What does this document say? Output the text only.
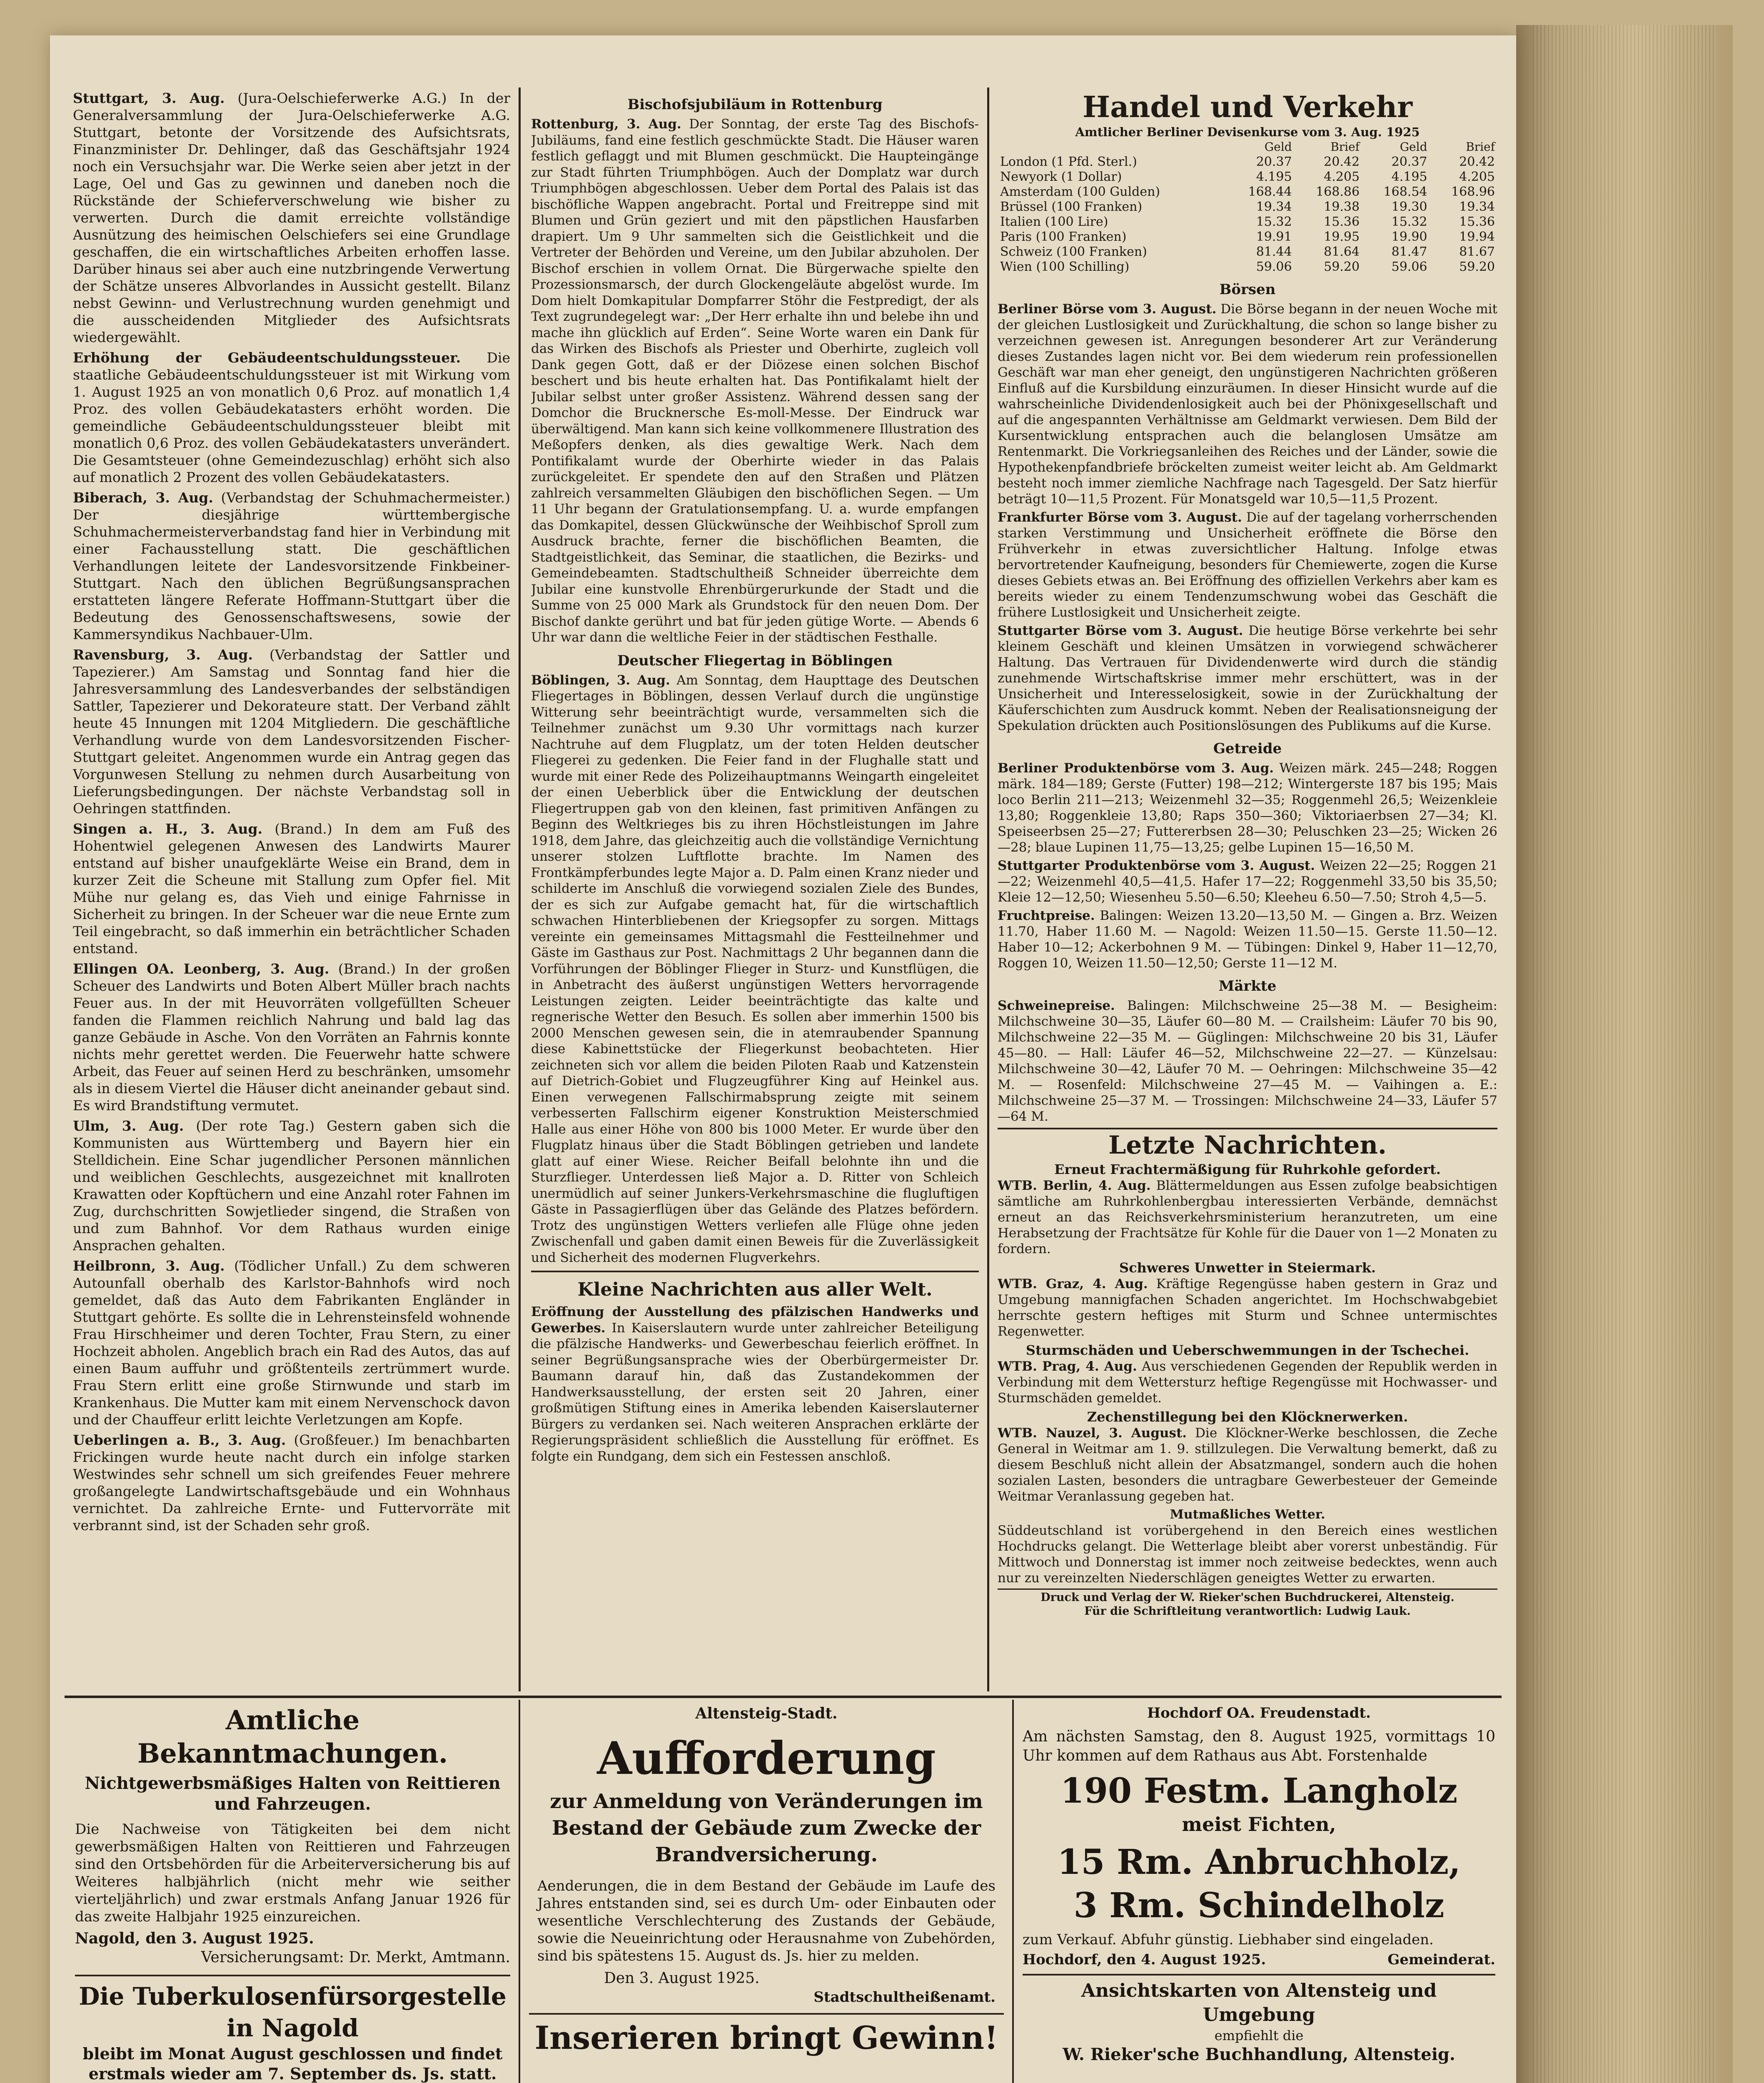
Stuttgart, 3. Aug. (Jura-Oelschieferwerke A.G.) In der Generalversammlung der Jura-Oelschieferwerke A.G. Stuttgart, betonte der Vorsitzende des Aufsichtsrats, Finanzminister Dr. Dehlinger, daß das Geschäftsjahr 1924 noch ein Versuchsjahr war. Die Werke seien aber jetzt in der Lage, Oel und Gas zu gewinnen und daneben noch die Rückstände der Schieferverschwelung wie bisher zu verwerten. Durch die damit erreichte vollständige Ausnützung des heimischen Oelschiefers sei eine Grundlage geschaffen, die ein wirtschaftliches Arbeiten erhoffen lasse. Darüber hinaus sei aber auch eine nutzbringende Verwertung der Schätze unseres Albvorlandes in Aussicht gestellt. Bilanz nebst Gewinn- und Verlustrechnung wurden genehmigt und die ausscheidenden Mitglieder des Aufsichtsrats wiedergewählt.

Erhöhung der Gebäudeentschuldungssteuer. Die staatliche Gebäudeentschuldungssteuer ist mit Wirkung vom 1. August 1925 an von monatlich 0,6 Proz. auf monatlich 1,4 Proz. des vollen Gebäudekatasters erhöht worden. Die gemeindliche Gebäudeentschuldungssteuer bleibt mit monatlich 0,6 Proz. des vollen Gebäudekatasters unverändert. Die Gesamtsteuer (ohne Gemeindezuschlag) erhöht sich also auf monatlich 2 Prozent des vollen Gebäudekatasters.

Biberach, 3. Aug. (Verbandstag der Schuhmachermeister.) Der diesjährige württembergische Schuhmachermeisterverbandstag fand hier in Verbindung mit einer Fachausstellung statt. Die geschäftlichen Verhandlungen leitete der Landesvorsitzende Finkbeiner-Stuttgart. Nach den üblichen Begrüßungsansprachen erstatteten längere Referate Hoffmann-Stuttgart über die Bedeutung des Genossenschaftswesens, sowie der Kammersyndikus Nachbauer-Ulm.

Ravensburg, 3. Aug. (Verbandstag der Sattler und Tapezierer.) Am Samstag und Sonntag fand hier die Jahresversammlung des Landesverbandes der selbständigen Sattler, Tapezierer und Dekorateure statt. Der Verband zählt heute 45 Innungen mit 1204 Mitgliedern. Die geschäftliche Verhandlung wurde von dem Landesvorsitzenden Fischer-Stuttgart geleitet. Angenommen wurde ein Antrag gegen das Vorgunwesen Stellung zu nehmen durch Ausarbeitung von Lieferungsbedingungen. Der nächste Verbandstag soll in Oehringen stattfinden.

Singen a. H., 3. Aug. (Brand.) In dem am Fuß des Hohentwiel gelegenen Anwesen des Landwirts Maurer entstand auf bisher unaufgeklärte Weise ein Brand, dem in kurzer Zeit die Scheune mit Stallung zum Opfer fiel. Mit Mühe nur gelang es, das Vieh und einige Fahrnisse in Sicherheit zu bringen. In der Scheuer war die neue Ernte zum Teil eingebracht, so daß immerhin ein beträchtlicher Schaden entstand.

Ellingen OA. Leonberg, 3. Aug. (Brand.) In der großen Scheuer des Landwirts und Boten Albert Müller brach nachts Feuer aus. In der mit Heuvorräten vollgefüllten Scheuer fanden die Flammen reichlich Nahrung und bald lag das ganze Gebäude in Asche. Von den Vorräten an Fahrnis konnte nichts mehr gerettet werden. Die Feuerwehr hatte schwere Arbeit, das Feuer auf seinen Herd zu beschränken, umsomehr als in diesem Viertel die Häuser dicht aneinander gebaut sind. Es wird Brandstiftung vermutet.

Ulm, 3. Aug. (Der rote Tag.) Gestern gaben sich die Kommunisten aus Württemberg und Bayern hier ein Stelldichein. Eine Schar jugendlicher Personen männlichen und weiblichen Geschlechts, ausgezeichnet mit knallroten Krawatten oder Kopftüchern und eine Anzahl roter Fahnen im Zug, durchschritten Sowjetlieder singend, die Straßen von und zum Bahnhof. Vor dem Rathaus wurden einige Ansprachen gehalten.

Heilbronn, 3. Aug. (Tödlicher Unfall.) Zu dem schweren Autounfall oberhalb des Karlstor-Bahnhofs wird noch gemeldet, daß das Auto dem Fabrikanten Engländer in Stuttgart gehörte. Es sollte die in Lehrensteinsfeld wohnende Frau Hirschheimer und deren Tochter, Frau Stern, zu einer Hochzeit abholen. Angeblich brach ein Rad des Autos, das auf einen Baum auffuhr und größtenteils zertrümmert wurde. Frau Stern erlitt eine große Stirnwunde und starb im Krankenhaus. Die Mutter kam mit einem Nervenschock davon und der Chauffeur erlitt leichte Verletzungen am Kopfe.

Ueberlingen a. B., 3. Aug. (Großfeuer.) Im benachbarten Frickingen wurde heute nacht durch ein infolge starken Westwindes sehr schnell um sich greifendes Feuer mehrere großangelegte Landwirtschaftsgebäude und ein Wohnhaus vernichtet. Da zahlreiche Ernte- und Futtervorräte mit verbrannt sind, ist der Schaden sehr groß.

Bischofsjubiläum in Rottenburg

Rottenburg, 3. Aug. Der Sonntag, der erste Tag des Bischofs-Jubiläums, fand eine festlich geschmückte Stadt. Die Häuser waren festlich geflaggt und mit Blumen geschmückt. Die Haupteingänge zur Stadt führten Triumphbögen. Auch der Domplatz war durch Triumphbögen abgeschlossen. Ueber dem Portal des Palais ist das bischöfliche Wappen angebracht. Portal und Freitreppe sind mit Blumen und Grün geziert und mit den päpstlichen Hausfarben drapiert. Um 9 Uhr sammelten sich die Geistlichkeit und die Vertreter der Behörden und Vereine, um den Jubilar abzuholen. Der Bischof erschien in vollem Ornat. Die Bürgerwache spielte den Prozessionsmarsch, der durch Glockengeläute abgelöst wurde. Im Dom hielt Domkapitular Dompfarrer Stöhr die Festpredigt, der als Text zugrundegelegt war: „Der Herr erhalte ihn und belebe ihn und mache ihn glücklich auf Erden“. Seine Worte waren ein Dank für das Wirken des Bischofs als Priester und Oberhirte, zugleich voll Dank gegen Gott, daß er der Diözese einen solchen Bischof beschert und bis heute erhalten hat. Das Pontifikalamt hielt der Jubilar selbst unter großer Assistenz. Während dessen sang der Domchor die Brucknersche Es-moll-Messe. Der Eindruck war überwältigend. Man kann sich keine vollkommenere Illustration des Meßopfers denken, als dies gewaltige Werk. Nach dem Pontifikalamt wurde der Oberhirte wieder in das Palais zurückgeleitet. Er spendete den auf den Straßen und Plätzen zahlreich versammelten Gläubigen den bischöflichen Segen. — Um 11 Uhr begann der Gratulationsempfang. U. a. wurde empfangen das Domkapitel, dessen Glückwünsche der Weihbischof Sproll zum Ausdruck brachte, ferner die bischöflichen Beamten, die Stadtgeistlichkeit, das Seminar, die staatlichen, die Bezirks- und Gemeindebeamten. Stadtschultheiß Schneider überreichte dem Jubilar eine kunstvolle Ehrenbürgerurkunde der Stadt und die Summe von 25 000 Mark als Grundstock für den neuen Dom. Der Bischof dankte gerührt und bat für jeden gütige Worte. — Abends 6 Uhr war dann die weltliche Feier in der städtischen Festhalle.

Deutscher Fliegertag in Böblingen

Böblingen, 3. Aug. Am Sonntag, dem Haupttage des Deutschen Fliegertages in Böblingen, dessen Verlauf durch die ungünstige Witterung sehr beeinträchtigt wurde, versammelten sich die Teilnehmer zunächst um 9.30 Uhr vormittags nach kurzer Nachtruhe auf dem Flugplatz, um der toten Helden deutscher Fliegerei zu gedenken. Die Feier fand in der Flughalle statt und wurde mit einer Rede des Polizeihauptmanns Weingarth eingeleitet der einen Ueberblick über die Entwicklung der deutschen Fliegertruppen gab von den kleinen, fast primitiven Anfängen zu Beginn des Weltkrieges bis zu ihren Höchstleistungen im Jahre 1918, dem Jahre, das gleichzeitig auch die vollständige Vernichtung unserer stolzen Luftflotte brachte. Im Namen des Frontkämpferbundes legte Major a. D. Palm einen Kranz nieder und schilderte im Anschluß die vorwiegend sozialen Ziele des Bundes, der es sich zur Aufgabe gemacht hat, für die wirtschaftlich schwachen Hinterbliebenen der Kriegsopfer zu sorgen. Mittags vereinte ein gemeinsames Mittagsmahl die Festteilnehmer und Gäste im Gasthaus zur Post. Nachmittags 2 Uhr begannen dann die Vorführungen der Böblinger Flieger in Sturz- und Kunstflügen, die in Anbetracht des äußerst ungünstigen Wetters hervorragende Leistungen zeigten. Leider beeinträchtigte das kalte und regnerische Wetter den Besuch. Es sollen aber immerhin 1500 bis 2000 Menschen gewesen sein, die in atemraubender Spannung diese Kabinettstücke der Fliegerkunst beobachteten. Hier zeichneten sich vor allem die beiden Piloten Raab und Katzenstein auf Dietrich-Gobiet und Flugzeugführer King auf Heinkel aus. Einen verwegenen Fallschirmabsprung zeigte mit seinem verbesserten Fallschirm eigener Konstruktion Meisterschmied Halle aus einer Höhe von 800 bis 1000 Meter. Er wurde über den Flugplatz hinaus über die Stadt Böblingen getrieben und landete glatt auf einer Wiese. Reicher Beifall belohnte ihn und die Sturzflieger. Unterdessen ließ Major a. D. Ritter von Schleich unermüdlich auf seiner Junkers-Verkehrsmaschine die flugluftigen Gäste in Passagierflügen über das Gelände des Platzes befördern. Trotz des ungünstigen Wetters verliefen alle Flüge ohne jeden Zwischenfall und gaben damit einen Beweis für die Zuverlässigkeit und Sicherheit des modernen Flugverkehrs.

Kleine Nachrichten aus aller Welt.

Eröffnung der Ausstellung des pfälzischen Handwerks und Gewerbes. In Kaiserslautern wurde unter zahlreicher Beteiligung die pfälzische Handwerks- und Gewerbeschau feierlich eröffnet. In seiner Begrüßungsansprache wies der Oberbürgermeister Dr. Baumann darauf hin, daß das Zustandekommen der Handwerksausstellung, der ersten seit 20 Jahren, einer großmütigen Stiftung eines in Amerika lebenden Kaiserslauterner Bürgers zu verdanken sei. Nach weiteren Ansprachen erklärte der Regierungspräsident schließlich die Ausstellung für eröffnet. Es folgte ein Rundgang, dem sich ein Festessen anschloß.

Handel und Verkehr
Amtlicher Berliner Devisenkurse vom 3. Aug. 1925
	Geld	Brief	Geld	Brief
London (1 Pfd. Sterl.)	20.37	20.42	20.37	20.42
Newyork (1 Dollar)	4.195	4.205	4.195	4.205
Amsterdam (100 Gulden)	168.44	168.86	168.54	168.96
Brüssel (100 Franken)	19.34	19.38	19.30	19.34
Italien (100 Lire)	15.32	15.36	15.32	15.36
Paris (100 Franken)	19.91	19.95	19.90	19.94
Schweiz (100 Franken)	81.44	81.64	81.47	81.67
Wien (100 Schilling)	59.06	59.20	59.06	59.20
Börsen

Berliner Börse vom 3. August. Die Börse begann in der neuen Woche mit der gleichen Lustlosigkeit und Zurückhaltung, die schon so lange bisher zu verzeichnen gewesen ist. Anregungen besonderer Art zur Veränderung dieses Zustandes lagen nicht vor. Bei dem wiederum rein professionellen Geschäft war man eher geneigt, den ungünstigeren Nachrichten größeren Einfluß auf die Kursbildung einzuräumen. In dieser Hinsicht wurde auf die wahrscheinliche Dividendenlosigkeit auch bei der Phönixgesellschaft und auf die angespannten Verhältnisse am Geldmarkt verwiesen. Dem Bild der Kursentwicklung entsprachen auch die belanglosen Umsätze am Rentenmarkt. Die Vorkriegsanleihen des Reiches und der Länder, sowie die Hypothekenpfandbriefe bröckelten zumeist weiter leicht ab. Am Geldmarkt besteht noch immer ziemliche Nachfrage nach Tagesgeld. Der Satz hierfür beträgt 10—11,5 Prozent. Für Monatsgeld war 10,5—11,5 Prozent.

Frankfurter Börse vom 3. August. Die auf der tagelang vorherrschenden starken Verstimmung und Unsicherheit eröffnete die Börse den Frühverkehr in etwas zuversichtlicher Haltung. Infolge etwas bervortretender Kaufneigung, besonders für Chemiewerte, zogen die Kurse dieses Gebiets etwas an. Bei Eröffnung des offiziellen Verkehrs aber kam es bereits wieder zu einem Tendenzumschwung wobei das Geschäft die frühere Lustlosigkeit und Unsicherheit zeigte.

Stuttgarter Börse vom 3. August. Die heutige Börse verkehrte bei sehr kleinem Geschäft und kleinen Umsätzen in vorwiegend schwächerer Haltung. Das Vertrauen für Dividendenwerte wird durch die ständig zunehmende Wirtschaftskrise immer mehr erschüttert, was in der Unsicherheit und Interesselosigkeit, sowie in der Zurückhaltung der Käuferschichten zum Ausdruck kommt. Neben der Realisationsneigung der Spekulation drückten auch Positionslösungen des Publikums auf die Kurse.

Getreide

Berliner Produktenbörse vom 3. Aug. Weizen märk. 245—248; Roggen märk. 184—189; Gerste (Futter) 198—212; Wintergerste 187 bis 195; Mais loco Berlin 211—213; Weizenmehl 32—35; Roggenmehl 26,5; Weizenkleie 13,80; Roggenkleie 13,80; Raps 350—360; Viktoriaerbsen 27—34; Kl. Speiseerbsen 25—27; Futtererbsen 28—30; Peluschken 23—25; Wicken 26—28; blaue Lupinen 11,75—13,25; gelbe Lupinen 15—16,50 M.

Stuttgarter Produktenbörse vom 3. August. Weizen 22—25; Roggen 21—22; Weizenmehl 40,5—41,5. Hafer 17—22; Roggenmehl 33,50 bis 35,50; Kleie 12—12,50; Wiesenheu 5.50—6.50; Kleeheu 6.50—7.50; Stroh 4,5—5.

Fruchtpreise. Balingen: Weizen 13.20—13,50 M. — Gingen a. Brz. Weizen 11.70, Haber 11.60 M. — Nagold: Weizen 11.50—15. Gerste 11.50—12. Haber 10—12; Ackerbohnen 9 M. — Tübingen: Dinkel 9, Haber 11—12,70, Roggen 10, Weizen 11.50—12,50; Gerste 11—12 M.

Märkte

Schweinepreise. Balingen: Milchschweine 25—38 M. — Besigheim: Milchschweine 30—35, Läufer 60—80 M. — Crailsheim: Läufer 70 bis 90, Milchschweine 22—35 M. — Güglingen: Milchschweine 20 bis 31, Läufer 45—80. — Hall: Läufer 46—52, Milchschweine 22—27. — Künzelsau: Milchschweine 30—42, Läufer 70 M. — Oehringen: Milchschweine 35—42 M. — Rosenfeld: Milchschweine 27—45 M. — Vaihingen a. E.: Milchschweine 25—37 M. — Trossingen: Milchschweine 24—33, Läufer 57—64 M.

Letzte Nachrichten.
Erneut Frachtermäßigung für Ruhrkohle gefordert.

WTB. Berlin, 4. Aug. Blättermeldungen aus Essen zufolge beabsichtigen sämtliche am Ruhrkohlenbergbau interessierten Verbände, demnächst erneut an das Reichsverkehrsministerium heranzutreten, um eine Herabsetzung der Frachtsätze für Kohle für die Dauer von 1—2 Monaten zu fordern.

Schweres Unwetter in Steiermark.

WTB. Graz, 4. Aug. Kräftige Regengüsse haben gestern in Graz und Umgebung mannigfachen Schaden angerichtet. Im Hochschwabgebiet herrschte gestern heftiges mit Sturm und Schnee untermischtes Regenwetter.

Sturmschäden und Ueberschwemmungen in der Tschechei.

WTB. Prag, 4. Aug. Aus verschiedenen Gegenden der Republik werden in Verbindung mit dem Wettersturz heftige Regengüsse mit Hochwasser- und Sturmschäden gemeldet.

Zechenstillegung bei den Klöcknerwerken.

WTB. Nauzel, 3. August. Die Klöckner-Werke beschlossen, die Zeche General in Weitmar am 1. 9. stillzulegen. Die Verwaltung bemerkt, daß zu diesem Beschluß nicht allein der Absatzmangel, sondern auch die hohen sozialen Lasten, besonders die untragbare Gewerbesteuer der Gemeinde Weitmar Veranlassung gegeben hat.

Mutmaßliches Wetter.

Süddeutschland ist vorübergehend in den Bereich eines westlichen Hochdrucks gelangt. Die Wetterlage bleibt aber vorerst unbeständig. Für Mittwoch und Donnerstag ist immer noch zeitweise bedecktes, wenn auch nur zu vereinzelten Niederschlägen geneigtes Wetter zu erwarten.

Druck und Verlag der W. Rieker'schen Buchdruckerei, Altensteig.
Für die Schriftleitung verantwortlich: Ludwig Lauk.
Amtliche Bekanntmachungen.
Nichtgewerbsmäßiges Halten von Reittieren und Fahrzeugen.

Die Nachweise von Tätigkeiten bei dem nicht gewerbsmäßigen Halten von Reittieren und Fahrzeugen sind den Ortsbehörden für die Arbeiterversicherung bis auf Weiteres halbjährlich (nicht mehr wie seither vierteljährlich) und zwar erstmals Anfang Januar 1926 für das zweite Halbjahr 1925 einzureichen.

Nagold, den 3. August 1925.
Versicherungsamt: Dr. Merkt, Amtmann.
Die Tuberkulosenfürsorgestelle in Nagold
bleibt im Monat August geschlossen und findet erstmals wieder am 7. September ds. Js. statt.
Altensteig-Stadt.
Aufforderung
zur Anmeldung von Veränderungen im Bestand der Gebäude zum Zwecke der Brandversicherung.

Aenderungen, die in dem Bestand der Gebäude im Laufe des Jahres entstanden sind, sei es durch Um- oder Einbauten oder wesentliche Verschlechterung des Zustands der Gebäude, sowie die Neueinrichtung oder Herausnahme von Zubehörden, sind bis spätestens 15. August ds. Js. hier zu melden.

Den 3. August 1925.
Stadtschultheißenamt.
Inserieren bringt Gewinn!
Hochdorf OA. Freudenstadt.

Am nächsten Samstag, den 8. August 1925, vormittags 10 Uhr kommen auf dem Rathaus aus Abt. Forstenhalde

190 Festm. Langholz
meist Fichten,
15 Rm. Anbruchholz,
3 Rm. Schindelholz
zum Verkauf. Abfuhr günstig. Liebhaber sind eingeladen.
Hochdorf, den 4. August 1925.	Gemeinderat.
Ansichtskarten von Altensteig und Umgebung
empfiehlt die
W. Rieker'sche Buchhandlung, Altensteig.
